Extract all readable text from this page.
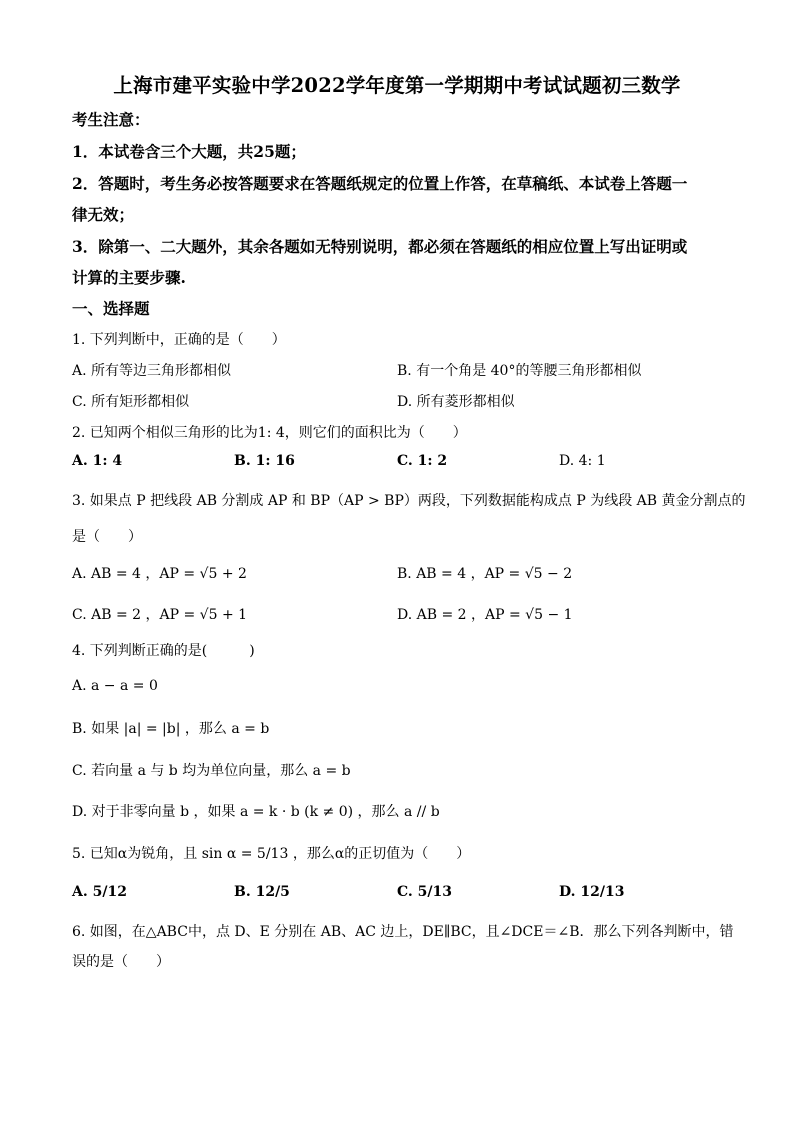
上海市建平实验中学2022学年度第一学期期中考试试题初三数学
考生注意：
1．本试卷含三个大题，共25题；
2．答题时，考生务必按答题要求在答题纸规定的位置上作答，在草稿纸、本试卷上答题一
律无效；
3．除第一、二大题外，其余各题如无特别说明，都必须在答题纸的相应位置上写出证明或
计算的主要步骤.
一、选择题
1. 下列判断中，正确的是（　　）
A. 所有等边三角形都相似	B. 有一个角是 40°的等腰三角形都相似
C. 所有矩形都相似	D. 所有菱形都相似
2. 已知两个相似三角形的比为1: 4，则它们的面积比为（　　）
A. 1: 4	B. 1: 16	C. 1: 2	D. 4: 1
3. 如果点 P 把线段 AB 分割成 AP 和 BP（AP > BP）两段，下列数据能构成点 P 为线段 AB 黄金分割点的
是（　　）
A. AB = 4 ，AP = √5 + 2	B. AB = 4 ，AP = √5 − 2
C. AB = 2 ，AP = √5 + 1	D. AB = 2 ，AP = √5 − 1
4. 下列判断正确的是(　　　)
A. a − a = 0
B. 如果 |a| = |b| ，那么 a = b
C. 若向量 a 与 b 均为单位向量，那么 a = b
D. 对于非零向量 b ，如果 a = k · b (k ≠ 0) ，那么 a // b
5. 已知α为锐角，且 sin α = 5/13 ，那么α的正切值为（　　）
A. 5/12	B. 12/5	C. 5/13	D. 12/13
6. 如图，在△ABC中，点 D、E 分别在 AB、AC 边上，DE∥BC，且∠DCE＝∠B．那么下列各判断中，错
误的是（　　）
